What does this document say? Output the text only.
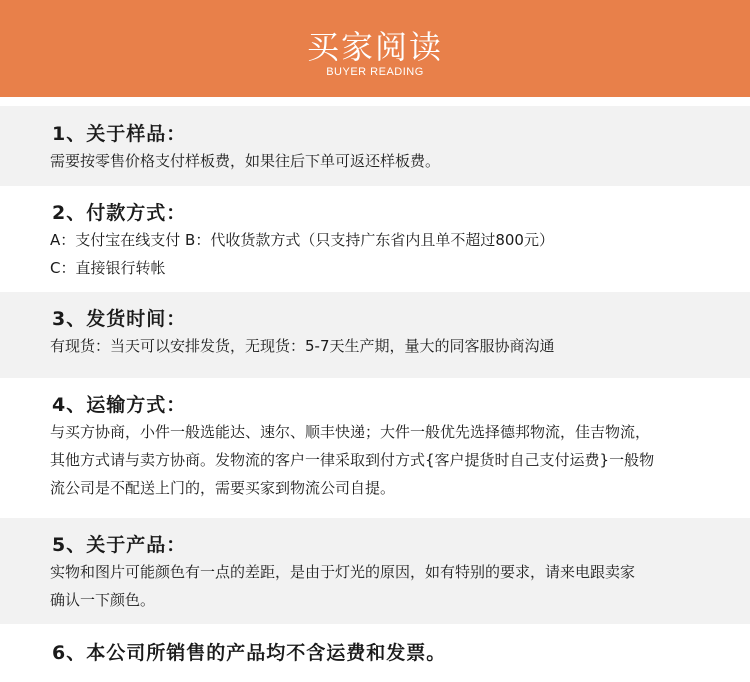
买家阅读
BUYER READING
1、关于样品：
需要按零售价格支付样板费，如果往后下单可返还样板费。
2、付款方式：
A：支付宝在线支付 B：代收货款方式（只支持广东省内且单不超过800元）
C：直接银行转帐
3、发货时间：
有现货：当天可以安排发货，无现货：5-7天生产期，量大的同客服协商沟通
4、运输方式：
与买方协商，小件一般选能达、速尔、顺丰快递；大件一般优先选择德邦物流，佳吉物流，
其他方式请与卖方协商。发物流的客户一律采取到付方式{客户提货时自己支付运费}一般物
流公司是不配送上门的，需要买家到物流公司自提。
5、关于产品：
实物和图片可能颜色有一点的差距，是由于灯光的原因，如有特别的要求，请来电跟卖家
确认一下颜色。
6、本公司所销售的产品均不含运费和发票。
